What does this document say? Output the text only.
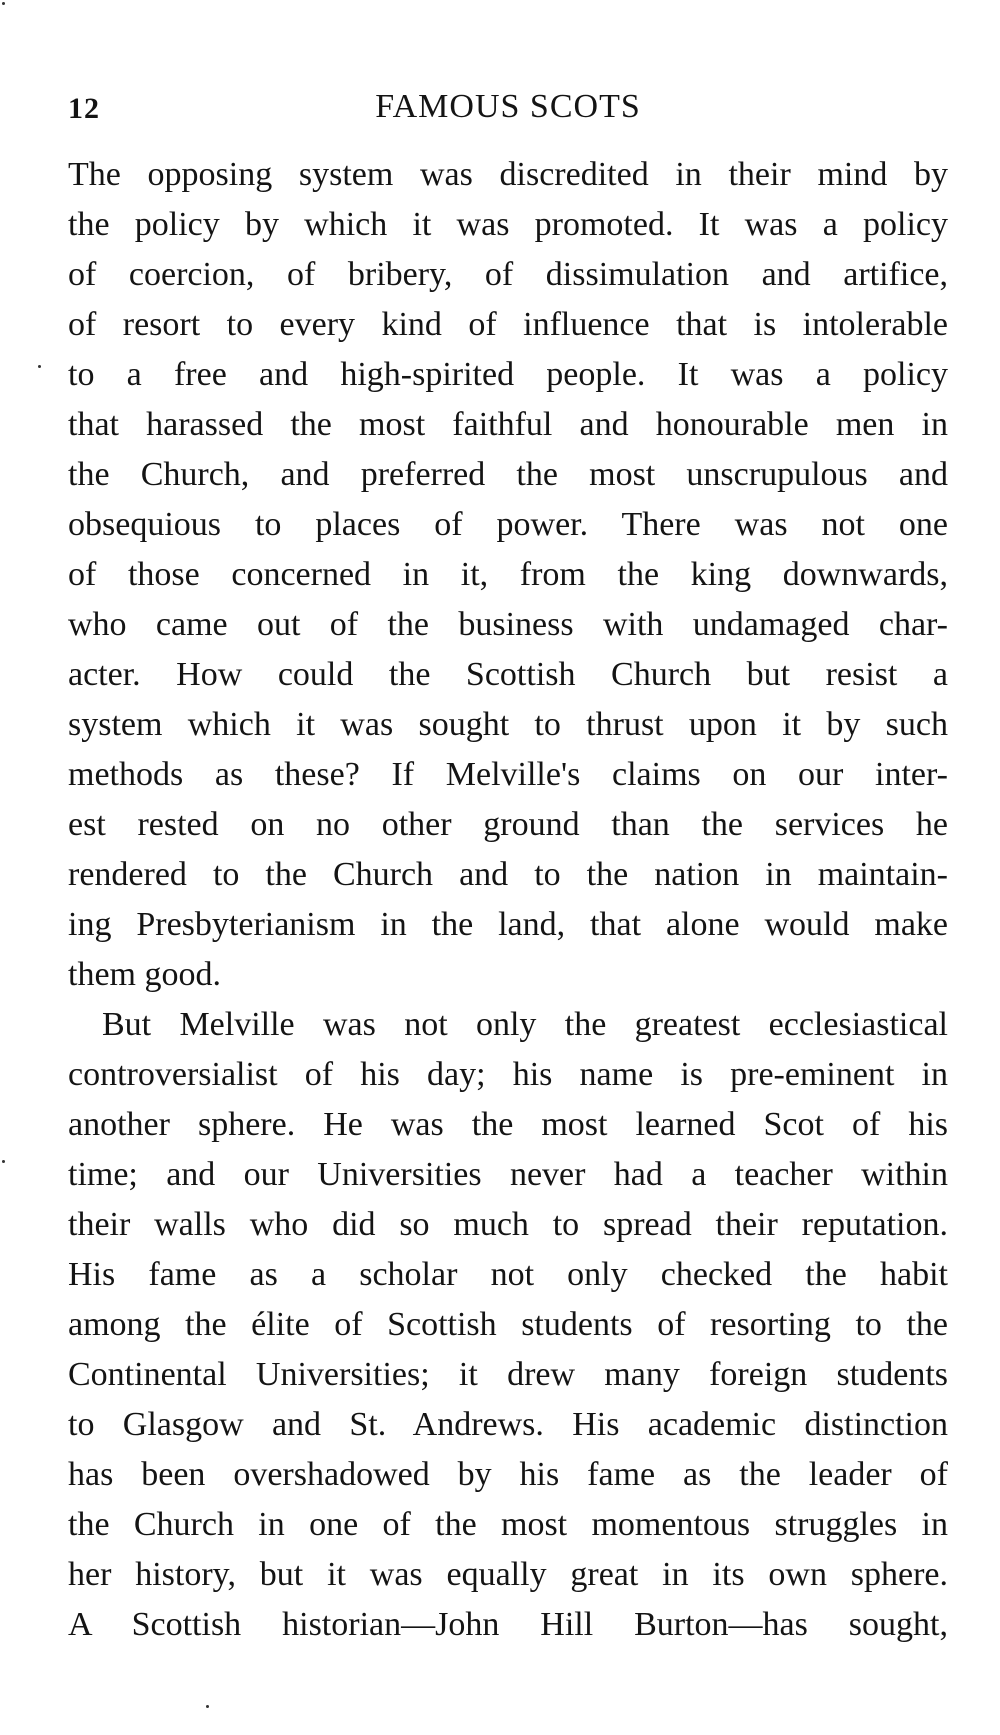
12	FAMOUS SCOTS
The opposing system was discredited in their mind by
the policy by which it was promoted. It was a policy
of coercion, of bribery, of dissimulation and artifice,
of resort to every kind of influence that is intolerable
to a free and high-spirited people. It was a policy
that harassed the most faithful and honourable men in
the Church, and preferred the most unscrupulous and
obsequious to places of power. There was not one
of those concerned in it, from the king downwards,
who came out of the business with undamaged char-
acter. How could the Scottish Church but resist a
system which it was sought to thrust upon it by such
methods as these? If Melville's claims on our inter-
est rested on no other ground than the services he
rendered to the Church and to the nation in maintain-
ing Presbyterianism in the land, that alone would make
them good.
But Melville was not only the greatest ecclesiastical
controversialist of his day; his name is pre-eminent in
another sphere. He was the most learned Scot of his
time; and our Universities never had a teacher within
their walls who did so much to spread their reputation.
His fame as a scholar not only checked the habit
among the élite of Scottish students of resorting to the
Continental Universities; it drew many foreign students
to Glasgow and St. Andrews. His academic distinction
has been overshadowed by his fame as the leader of
the Church in one of the most momentous struggles in
her history, but it was equally great in its own sphere.
A Scottish historian—John Hill Burton—has sought,
